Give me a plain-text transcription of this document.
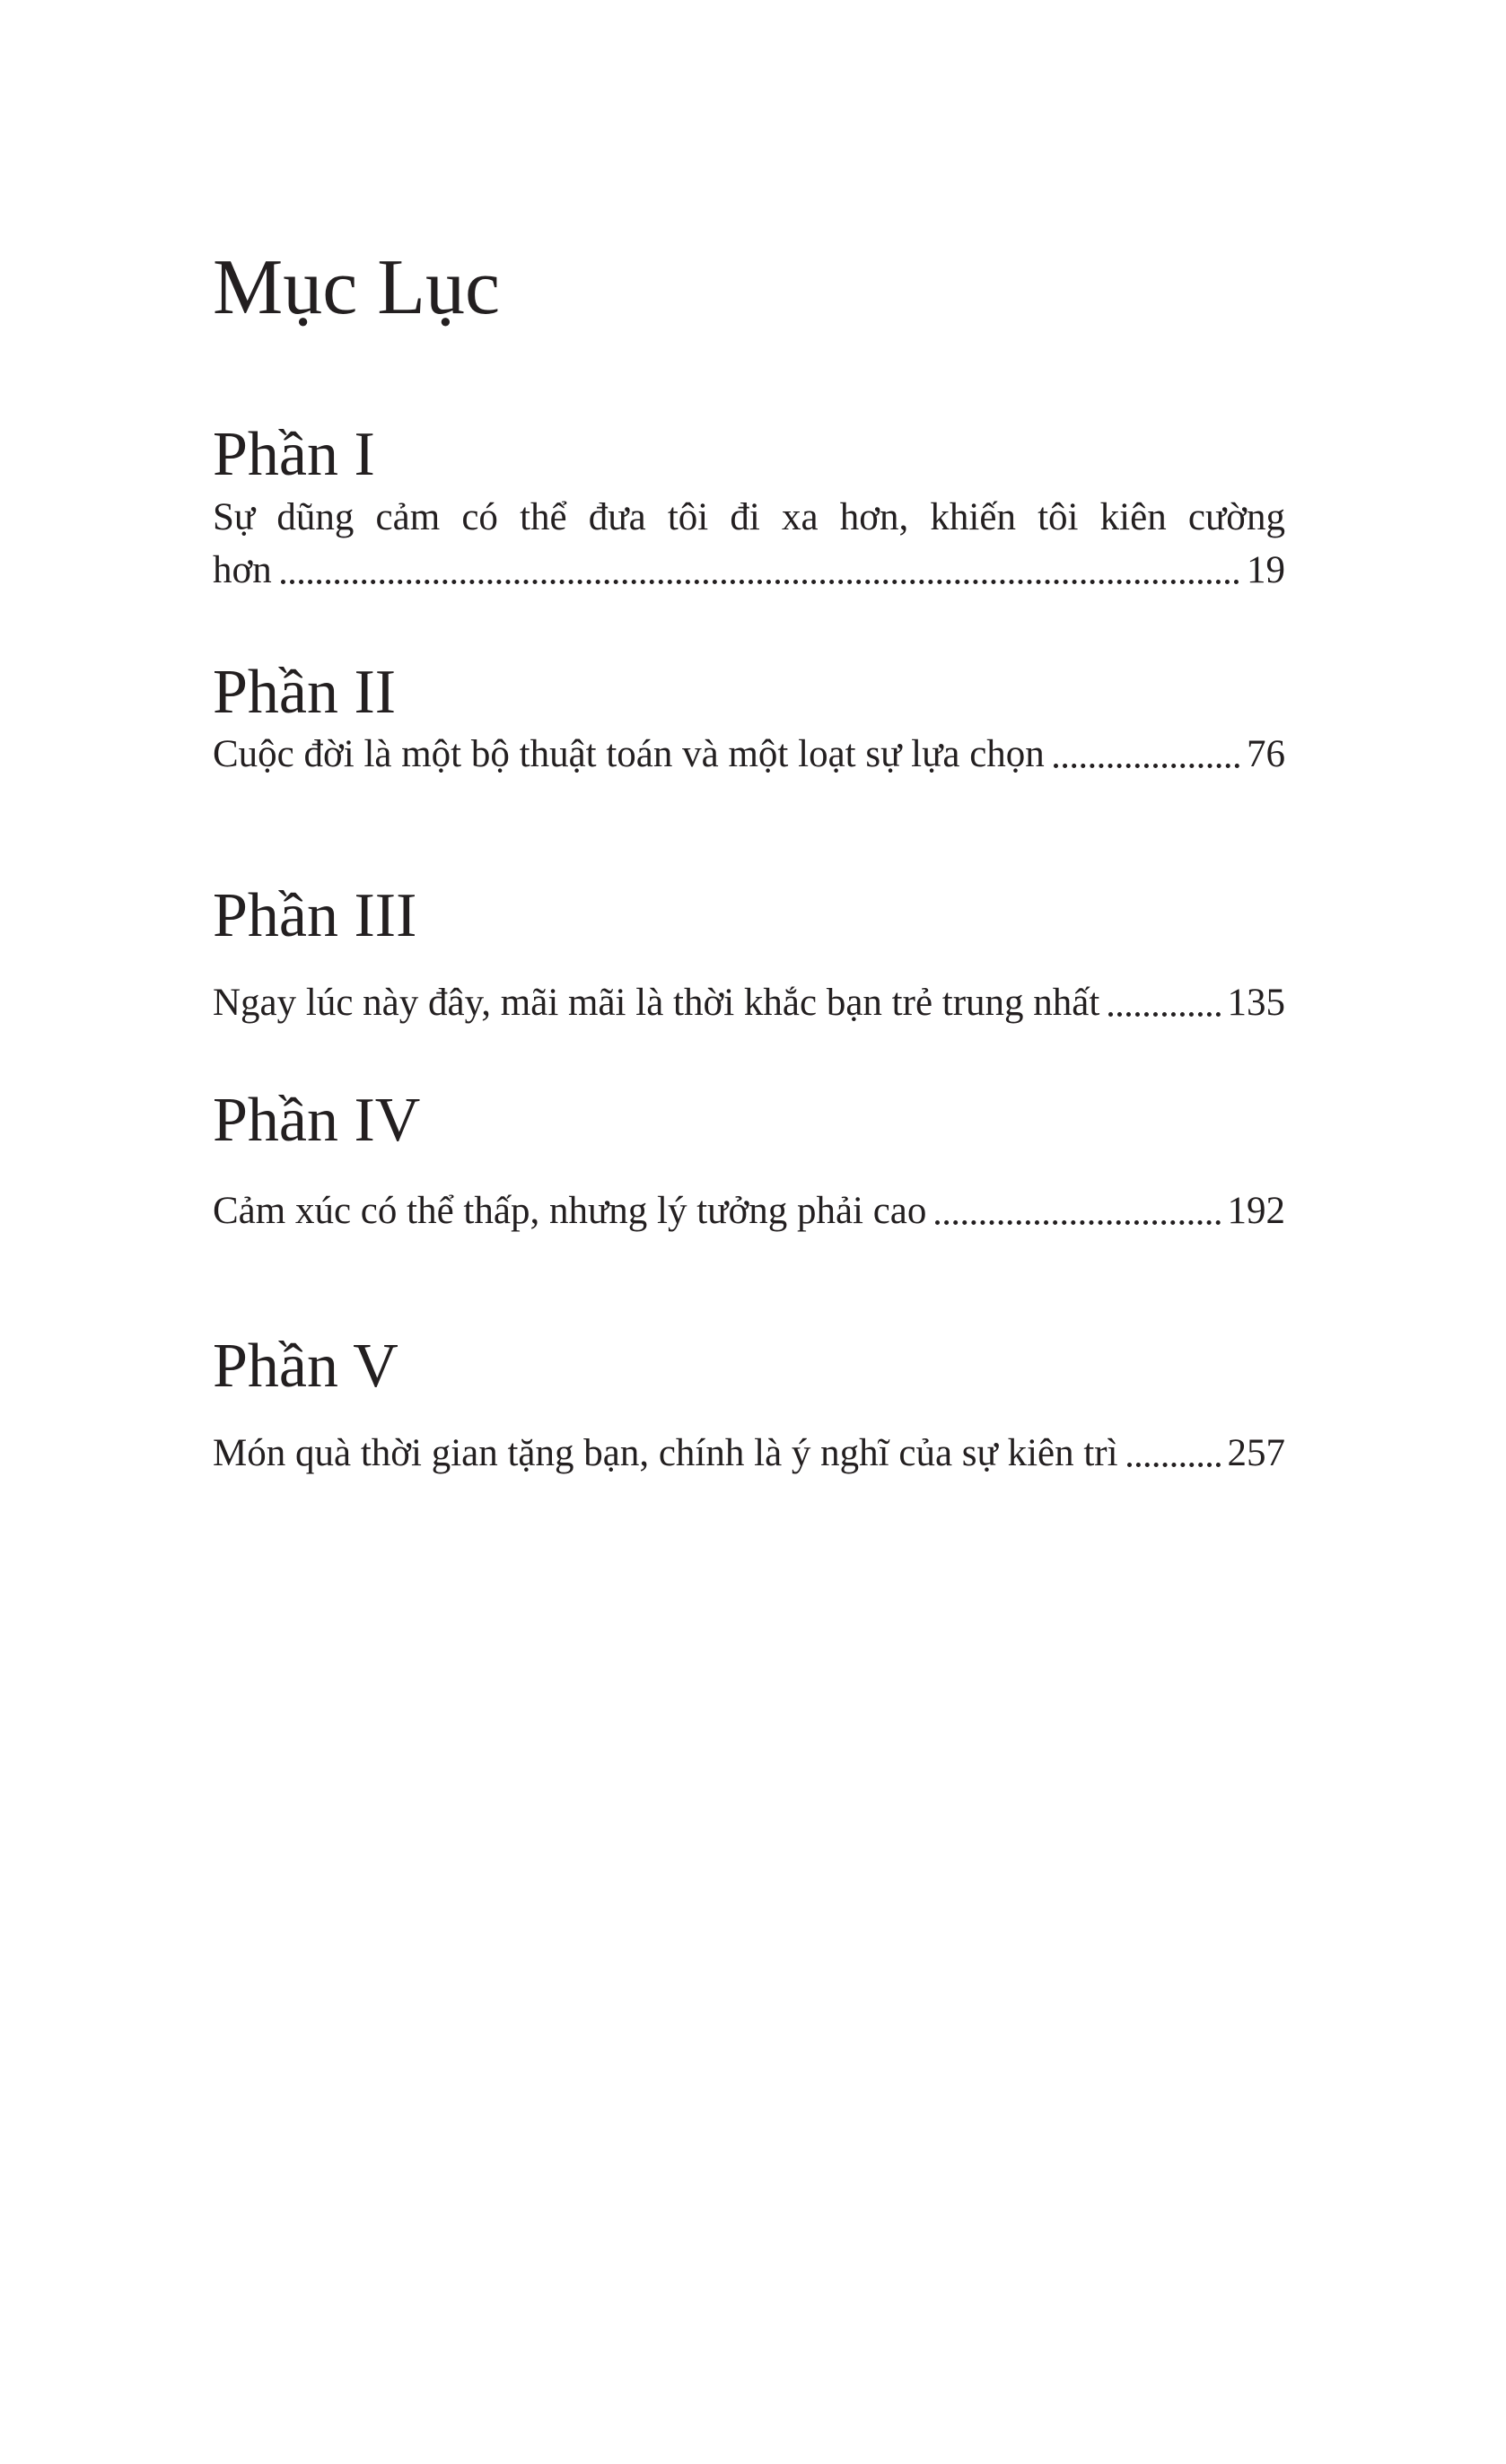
Mục Lục
Phần I
Sự dũng cảm có thể đưa tôi đi xa hơn, khiến tôi kiên cường
hơn	19
Phần II
Cuộc đời là một bộ thuật toán và một loạt sự lựa chọn	76
Phần III
Ngay lúc này đây, mãi mãi là thời khắc bạn trẻ trung nhất	135
Phần IV
Cảm xúc có thể thấp, nhưng lý tưởng phải cao	192
Phần V
Món quà thời gian tặng bạn, chính là ý nghĩ của sự kiên trì	257
